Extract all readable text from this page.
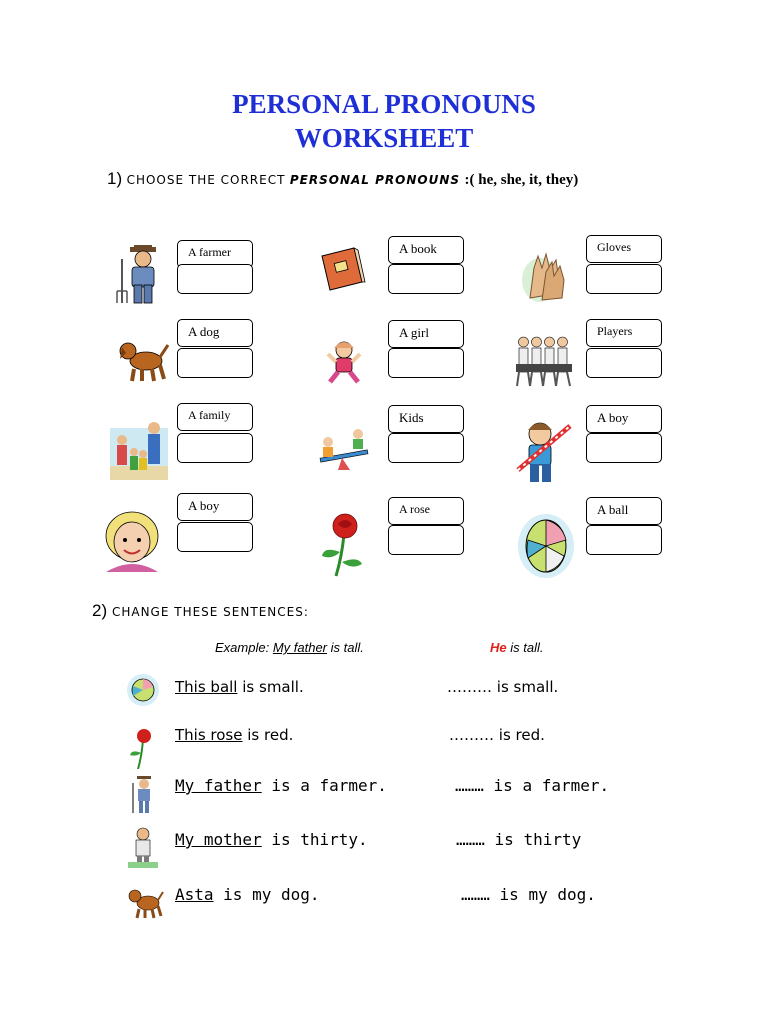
PERSONAL PRONOUNS
WORKSHEET
1) CHOOSE THE CORRECT PERSONAL PRONOUNS :( he, she, it, they)
A farmer	A book	Gloves
A dog	A girl	Players
A family	Kids	A boy
A boy	A rose	A ball
2) CHANGE THESE SENTENCES:
Example: My father is tall.	He is tall.
This ball is small.	……… is small.
This rose is red.	……… is red.
My father is a farmer.	……… is a farmer.
My mother is thirty.	……… is thirty
Asta is my dog.	……… is my dog.
